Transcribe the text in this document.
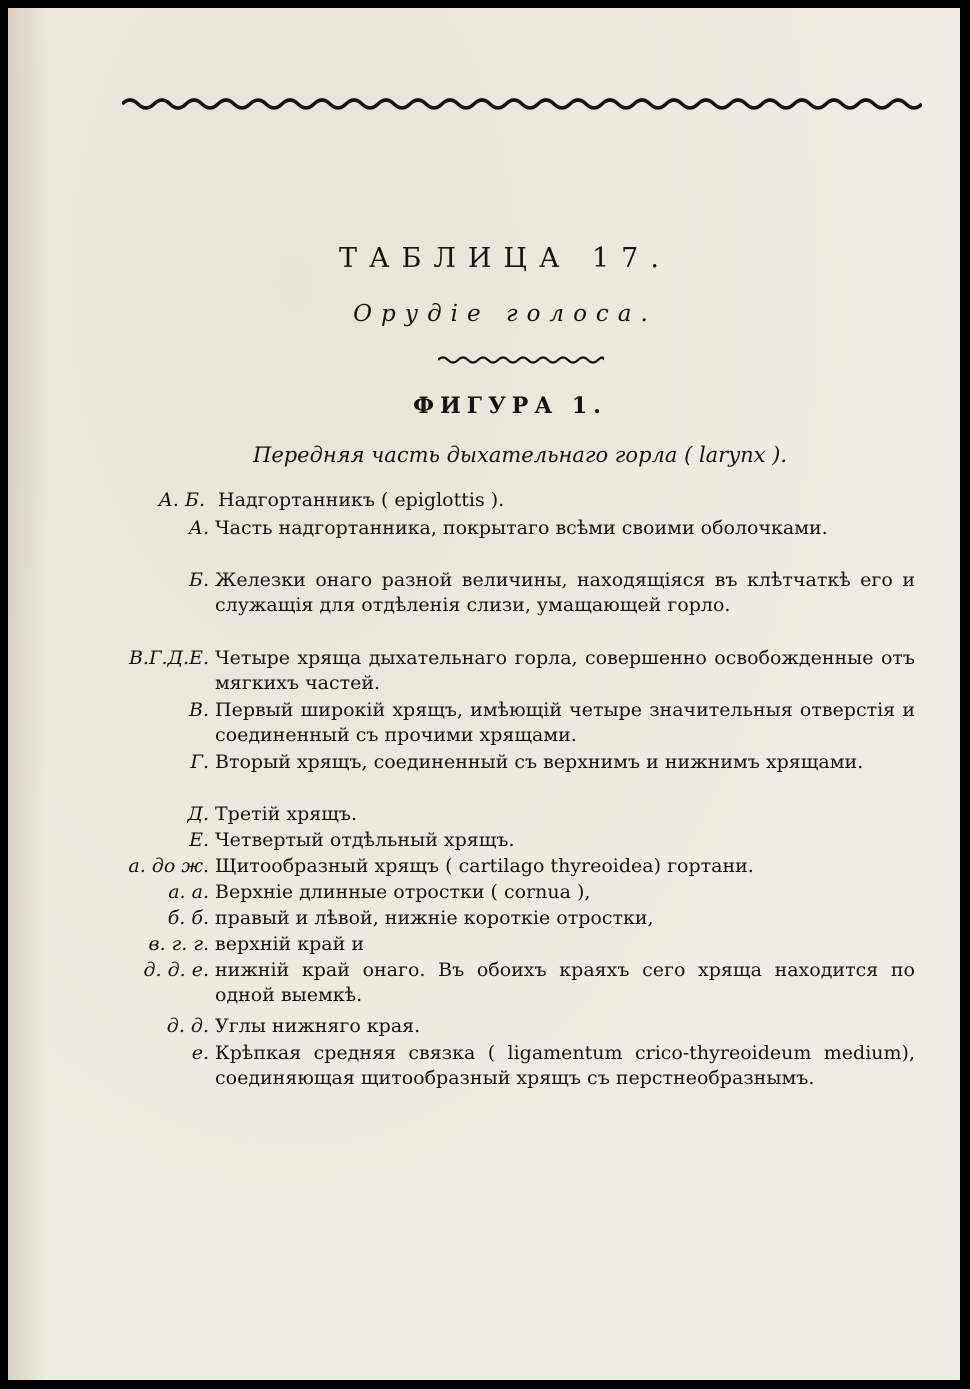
ТАБЛИЦА 17.
Орудіе голоса.
ФИГУРА 1.
Передняя часть дыхательнаго горла ( larynx ).
А. Б. Надгортанникъ ( epiglottis ).
А. Часть надгортанника, покрытаго всѣми своими оболочками.
Б. Железки онаго разной величины, находящіяся въ клѣтчаткѣ его и служащія для отдѣленія слизи, умащающей горло.
В.Г.Д.Е. Четыре хряща дыхательнаго горла, совершенно освобожденные отъ мягкихъ частей.
В. Первый широкій хрящъ, имѣющій четыре значительныя отверстія и соединенный съ прочими хрящами.
Г. Вторый хрящъ, соединенный съ верхнимъ и нижнимъ хрящами.
Д. Третій хрящъ.
Е. Четвертый отдѣльный хрящъ.
а. до ж. Щитообразный хрящъ ( cartilago thyreoidea) гортани.
а. а. Верхніе длинные отростки ( cornua ),
б. б. правый и лѣвой, нижніе короткіе отростки,
в. г. г. верхній край и
д. д. е. нижній край онаго. Въ обоихъ краяхъ сего хряща находится по одной выемкѣ.
д. д. Углы нижняго края.
е. Крѣпкая средняя связка ( ligamentum crico-thyreoideum medium), соединяющая щитообразный хрящъ съ перстнеобразнымъ.
